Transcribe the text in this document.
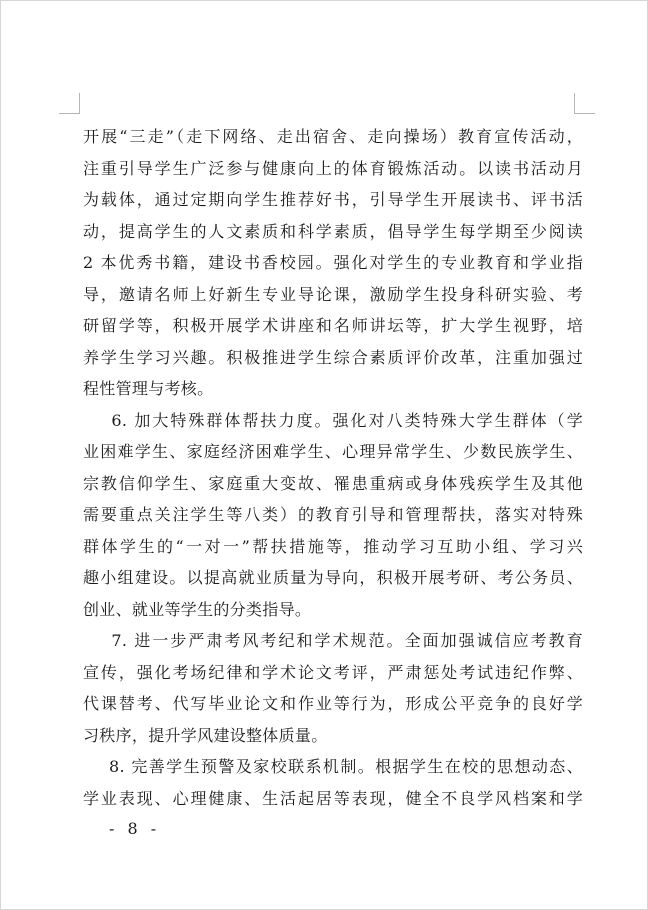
开展“三走”（走下网络、走出宿舍、走向操场）教育宣传活动，
注重引导学生广泛参与健康向上的体育锻炼活动。以读书活动月
为载体，通过定期向学生推荐好书，引导学生开展读书、评书活
动，提高学生的人文素质和科学素质，倡导学生每学期至少阅读
2 本优秀书籍，建设书香校园。强化对学生的专业教育和学业指
导，邀请名师上好新生专业导论课，激励学生投身科研实验、考
研留学等，积极开展学术讲座和名师讲坛等，扩大学生视野，培
养学生学习兴趣。积极推进学生综合素质评价改革，注重加强过
程性管理与考核。
6. 加大特殊群体帮扶力度。强化对八类特殊大学生群体（学
业困难学生、家庭经济困难学生、心理异常学生、少数民族学生、
宗教信仰学生、家庭重大变故、罹患重病或身体残疾学生及其他
需要重点关注学生等八类）的教育引导和管理帮扶，落实对特殊
群体学生的“一对一”帮扶措施等，推动学习互助小组、学习兴
趣小组建设。以提高就业质量为导向，积极开展考研、考公务员、
创业、就业等学生的分类指导。
7. 进一步严肃考风考纪和学术规范。全面加强诚信应考教育
宣传，强化考场纪律和学术论文考评，严肃惩处考试违纪作弊、
代课替考、代写毕业论文和作业等行为，形成公平竞争的良好学
习秩序，提升学风建设整体质量。
8. 完善学生预警及家校联系机制。根据学生在校的思想动态、
学业表现、心理健康、生活起居等表现，健全不良学风档案和学
- 8 -
